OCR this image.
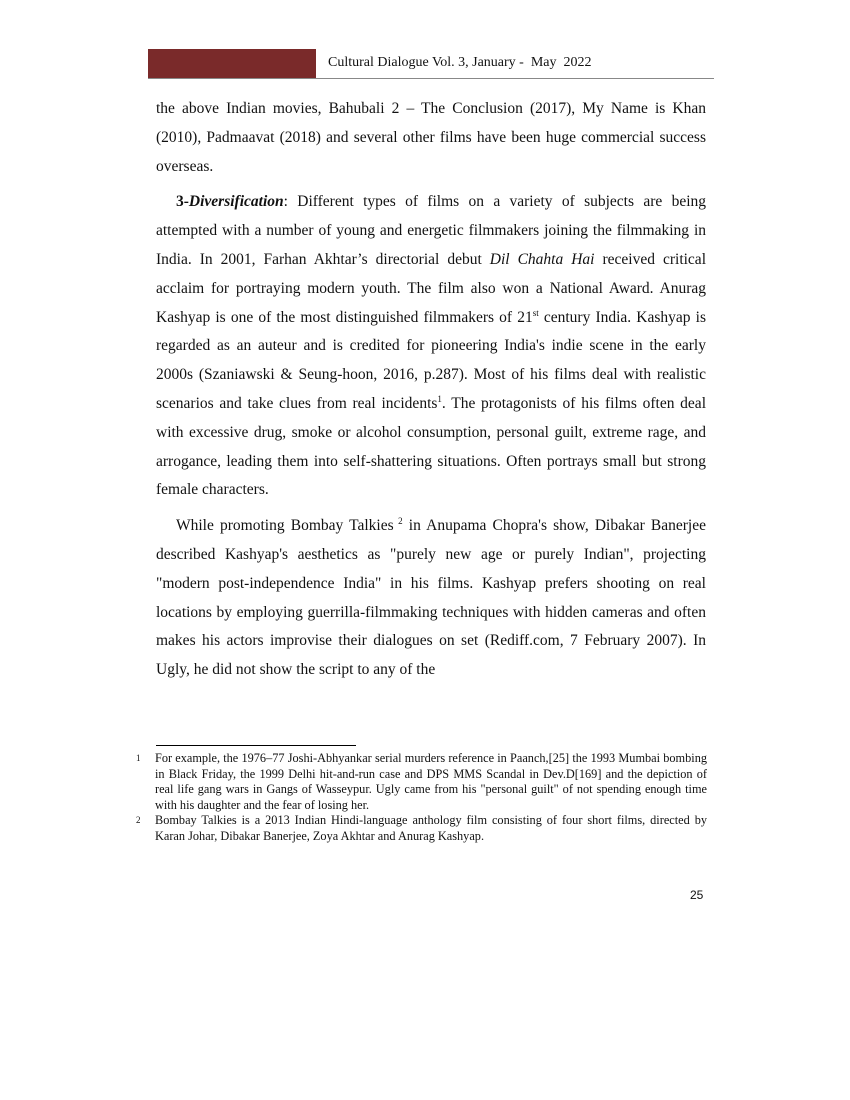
Cultural Dialogue Vol. 3, January -  May  2022

the above Indian movies, Bahubali 2 – The Conclusion (2017), My Name is Khan (2010), Padmaavat (2018) and several other films have been huge commercial success overseas.

3-Diversification: Different types of films on a variety of subjects are being attempted with a number of young and energetic filmmakers joining the filmmaking in India. In 2001, Farhan Akhtar’s directorial debut Dil Chahta Hai received critical acclaim for portraying modern youth. The film also won a National Award. Anurag Kashyap is one of the most distinguished filmmakers of 21st century India. Kashyap is regarded as an auteur and is credited for pioneering India's indie scene in the early 2000s (Szaniawski & Seung-hoon, 2016, p.287). Most of his films deal with realistic scenarios and take clues from real incidents$^1$. The protagonists of his films often deal with excessive drug, smoke or alcohol consumption, personal guilt, extreme rage, and arrogance, leading them into self-shattering situations. Often portrays small but strong female characters.

While promoting Bombay Talkies $^2$ in Anupama Chopra's show, Dibakar Banerjee described Kashyap's aesthetics as "purely new age or purely Indian", projecting "modern post-independence India" in his films. Kashyap prefers shooting on real locations by employing guerrilla-filmmaking techniques with hidden cameras and often makes his actors improvise their dialogues on set (Rediff.com, 7 February 2007). In Ugly, he did not show the script to any of the

1 For example, the 1976–77 Joshi-Abhyankar serial murders reference in Paanch,[25] the 1993 Mumbai bombing in Black Friday, the 1999 Delhi hit-and-run case and DPS MMS Scandal in Dev.D[169] and the depiction of real life gang wars in Gangs of Wasseypur. Ugly came from his "personal guilt" of not spending enough time with his daughter and the fear of losing her.

2 Bombay Talkies is a 2013 Indian Hindi-language anthology film consisting of four short films, directed by Karan Johar, Dibakar Banerjee, Zoya Akhtar and Anurag Kashyap.

25
